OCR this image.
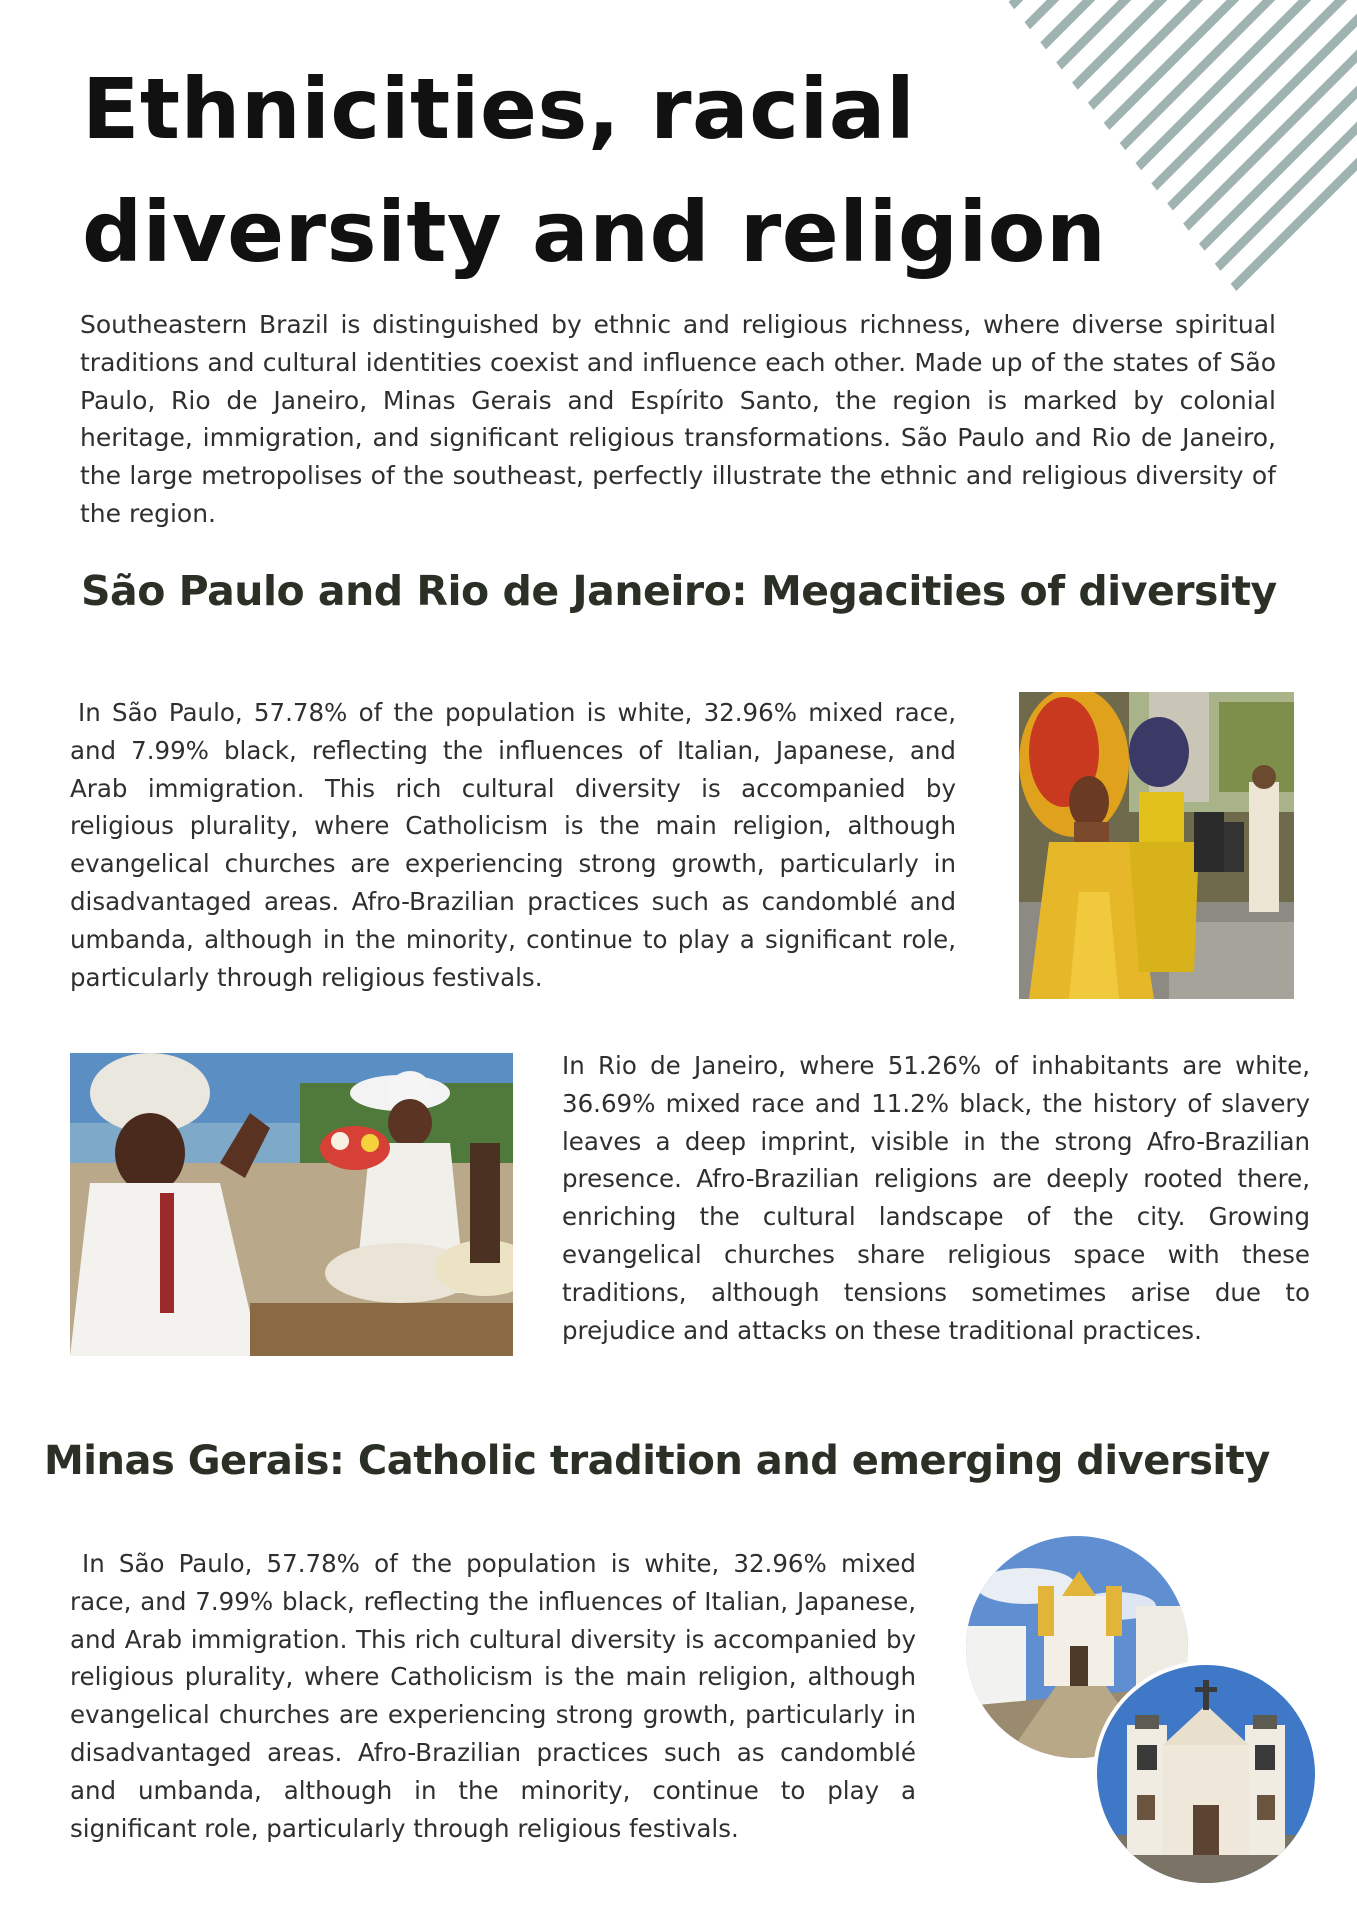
Ethnicities, racial diversity and religion

Southeastern Brazil is distinguished by ethnic and religious richness, where diverse spiritual traditions and cultural identities coexist and influence each other. Made up of the states of São Paulo, Rio de Janeiro, Minas Gerais and Espírito Santo, the region is marked by colonial heritage, immigration, and significant religious transformations. São Paulo and Rio de Janeiro, the large metropolises of the southeast, perfectly illustrate the ethnic and religious diversity of the region.

São Paulo and Rio de Janeiro: Megacities of diversity

In São Paulo, 57.78% of the population is white, 32.96% mixed race, and 7.99% black, reflecting the influences of Italian, Japanese, and Arab immigration. This rich cultural diversity is accompanied by religious plurality, where Catholicism is the main religion, although evangelical churches are experiencing strong growth, particularly in disadvantaged areas. Afro-Brazilian practices such as candomblé and umbanda, although in the minority, continue to play a significant role, particularly through religious festivals.

In Rio de Janeiro, where 51.26% of inhabitants are white, 36.69% mixed race and 11.2% black, the history of slavery leaves a deep imprint, visible in the strong Afro-Brazilian presence. Afro-Brazilian religions are deeply rooted there, enriching the cultural landscape of the city. Growing evangelical churches share religious space with these traditions, although tensions sometimes arise due to prejudice and attacks on these traditional practices.

Minas Gerais: Catholic tradition and emerging diversity

In São Paulo, 57.78% of the population is white, 32.96% mixed race, and 7.99% black, reflecting the influences of Italian, Japanese, and Arab immigration. This rich cultural diversity is accompanied by religious plurality, where Catholicism is the main religion, although evangelical churches are experiencing strong growth, particularly in disadvantaged areas. Afro-Brazilian practices such as candomblé and umbanda, although in the minority, continue to play a significant role, particularly through religious festivals.
